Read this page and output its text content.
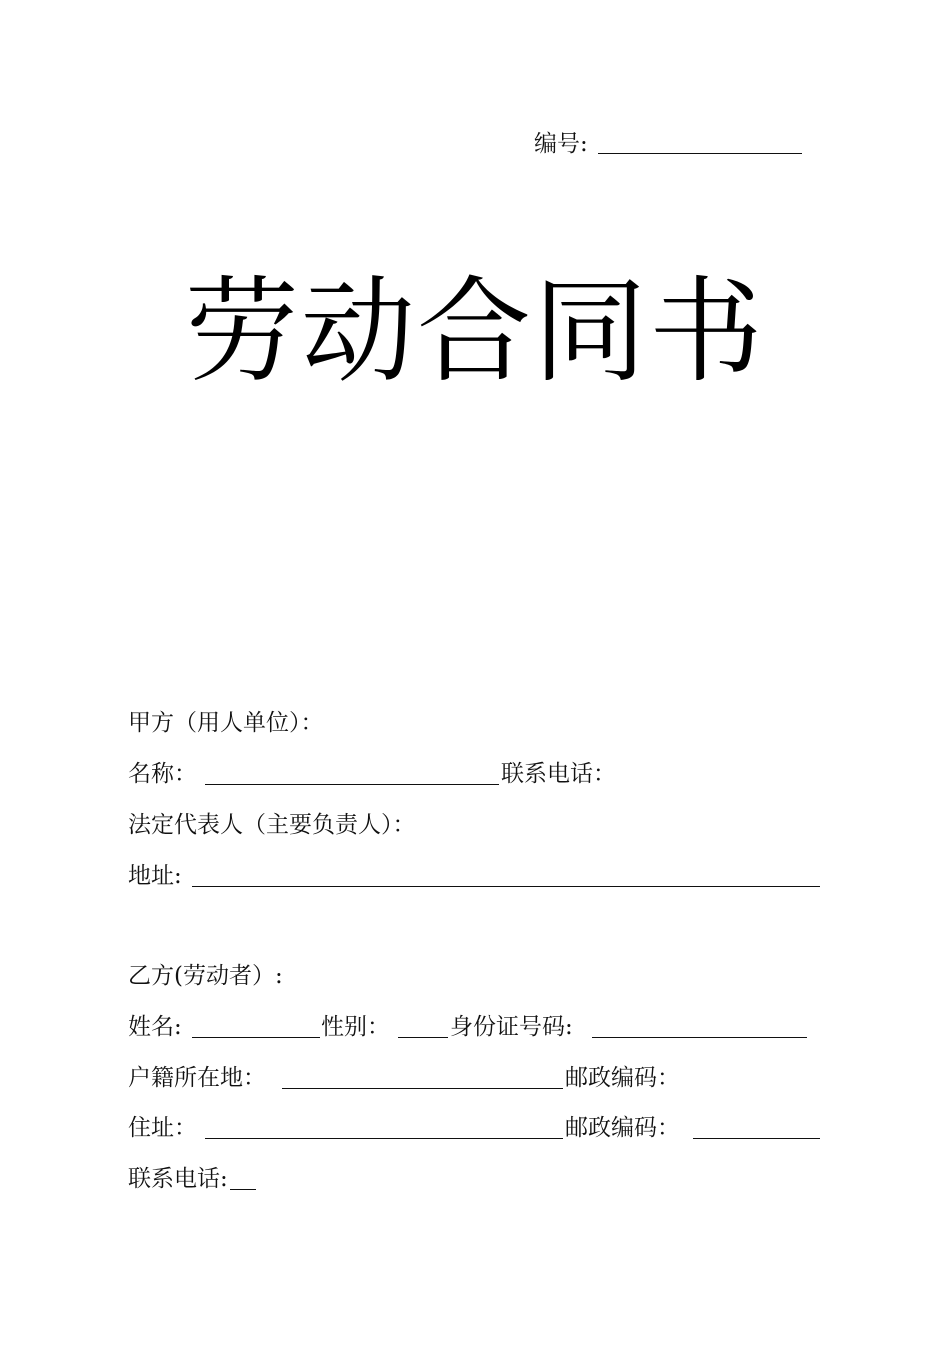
编号:
劳动合同书
甲方（用人单位）：
名称：	联系电话：
法定代表人（主要负责人）：
地址:
乙方(劳动者）:
姓名:	性别：	身份证号码:
户籍所在地：	邮政编码：
住址：	邮政编码：
联系电话:
